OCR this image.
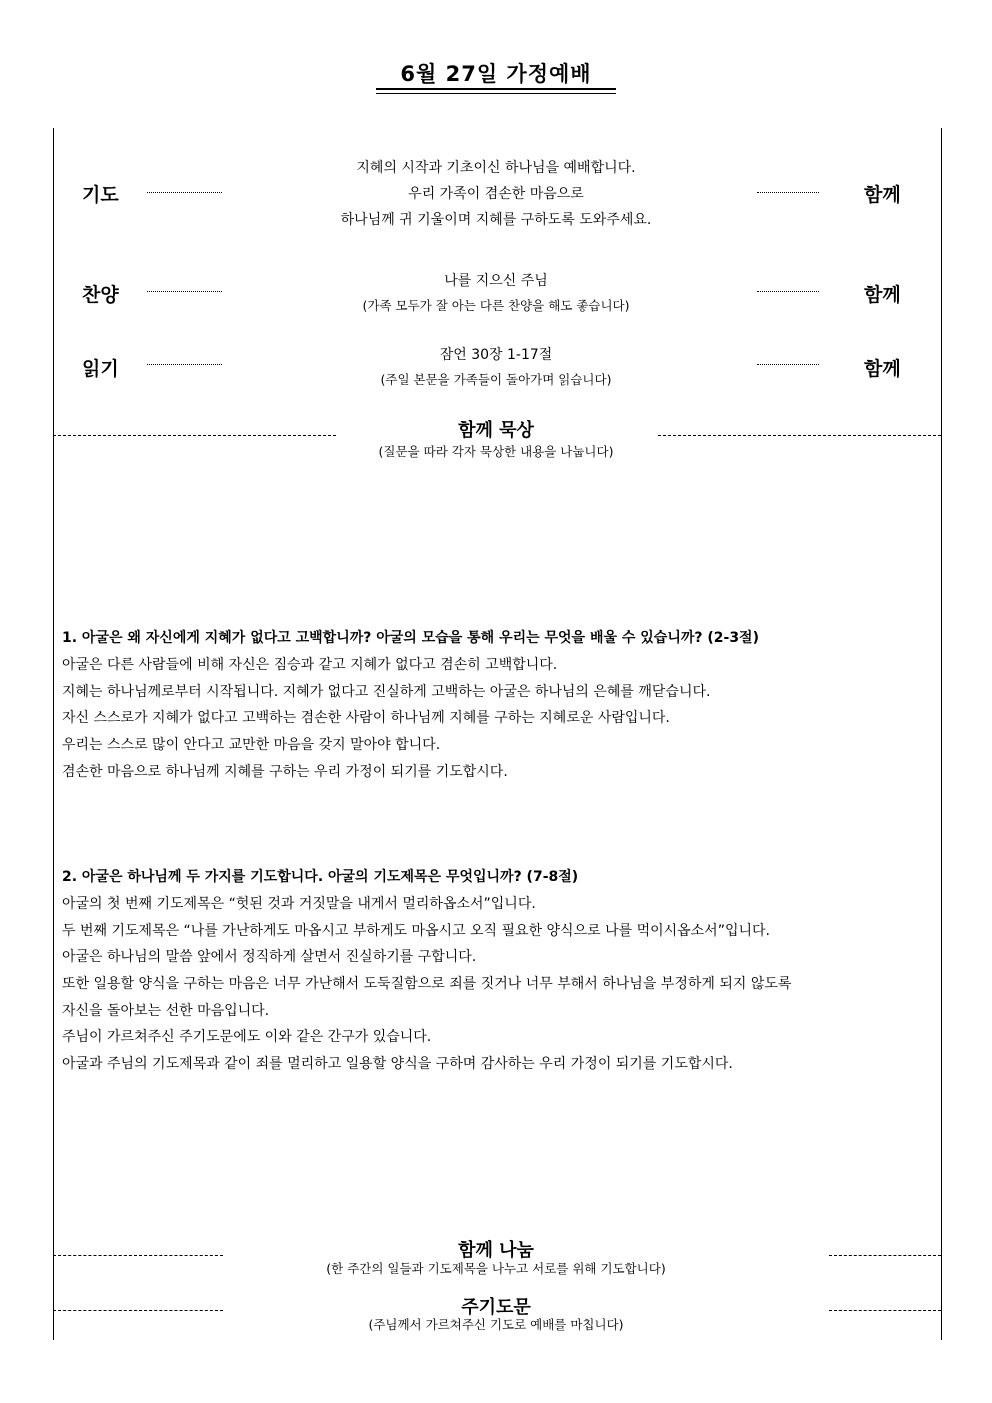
6월 27일 가정예배
기도	함께
지혜의 시작과 기초이신 하나님을 예배합니다.
우리 가족이 겸손한 마음으로
하나님께 귀 기울이며 지혜를 구하도록 도와주세요.
찬양	함께
나를 지으신 주님
(가족 모두가 잘 아는 다른 찬양을 해도 좋습니다)
읽기	함께
잠언 30장 1-17절
(주일 본문을 가족들이 돌아가며 읽습니다)
함께 묵상
(질문을 따라 각자 묵상한 내용을 나눕니다)
1. 아굴은 왜 자신에게 지혜가 없다고 고백합니까? 아굴의 모습을 통해 우리는 무엇을 배울 수 있습니까? (2-3절)
아굴은 다른 사람들에 비해 자신은 짐승과 같고 지혜가 없다고 겸손히 고백합니다.
지혜는 하나님께로부터 시작됩니다. 지혜가 없다고 진실하게 고백하는 아굴은 하나님의 은혜를 깨닫습니다.
자신 스스로가 지혜가 없다고 고백하는 겸손한 사람이 하나님께 지혜를 구하는 지혜로운 사람입니다.
우리는 스스로 많이 안다고 교만한 마음을 갖지 말아야 합니다.
겸손한 마음으로 하나님께 지혜를 구하는 우리 가정이 되기를 기도합시다.
2. 아굴은 하나님께 두 가지를 기도합니다. 아굴의 기도제목은 무엇입니까? (7-8절)
아굴의 첫 번째 기도제목은 “헛된 것과 거짓말을 내게서 멀리하옵소서”입니다.
두 번째 기도제목은 “나를 가난하게도 마옵시고 부하게도 마옵시고 오직 필요한 양식으로 나를 먹이시옵소서”입니다.
아굴은 하나님의 말씀 앞에서 정직하게 살면서 진실하기를 구합니다.
또한 일용할 양식을 구하는 마음은 너무 가난해서 도둑질함으로 죄를 짓거나 너무 부해서 하나님을 부정하게 되지 않도록
자신을 돌아보는 선한 마음입니다.
주님이 가르쳐주신 주기도문에도 이와 같은 간구가 있습니다.
아굴과 주님의 기도제목과 같이 죄를 멀리하고 일용할 양식을 구하며 감사하는 우리 가정이 되기를 기도합시다.
함께 나눔
(한 주간의 일들과 기도제목을 나누고 서로를 위해 기도합니다)
주기도문
(주님께서 가르쳐주신 기도로 예배를 마칩니다)
